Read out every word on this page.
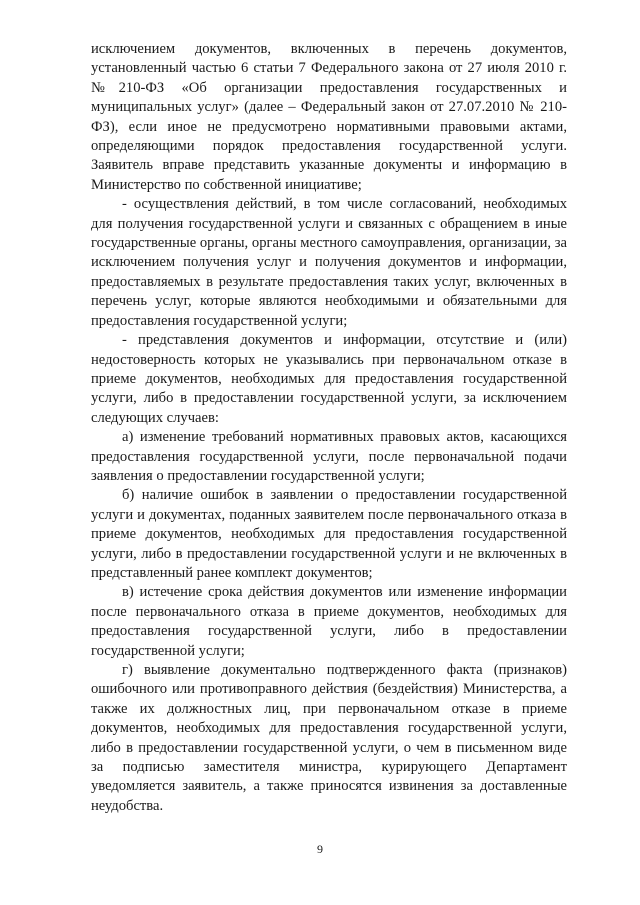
исключением документов, включенных в перечень документов, установленный частью 6 статьи 7 Федерального закона от 27 июля 2010 г. №210-ФЗ «Об организации предоставления государственных и муниципальных услуг» (далее – Федеральный закон от 27.07.2010 № 210-ФЗ), если иное не предусмотрено нормативными правовыми актами, определяющими порядок предоставления государственной услуги. Заявитель вправе представить указанные документы и информацию в Министерство по собственной инициативе;

- осуществления действий, в том числе согласований, необходимых для получения государственной услуги и связанных с обращением в иные государственные органы, органы местного самоуправления, организации, за исключением получения услуг и получения документов и информации, предоставляемых в результате предоставления таких услуг, включенных в перечень услуг, которые являются необходимыми и обязательными для предоставления государственной услуги;

- представления документов и информации, отсутствие и (или) недостоверность которых не указывались при первоначальном отказе в приеме документов, необходимых для предоставления государственной услуги, либо в предоставлении государственной услуги, за исключением следующих случаев:

а) изменение требований нормативных правовых актов, касающихся предоставления государственной услуги, после первоначальной подачи заявления о предоставлении государственной услуги;

б) наличие ошибок в заявлении о предоставлении государственной услуги и документах, поданных заявителем после первоначального отказа в приеме документов, необходимых для предоставления государственной услуги, либо в предоставлении государственной услуги и не включенных в представленный ранее комплект документов;

в) истечение срока действия документов или изменение информации после первоначального отказа в приеме документов, необходимых для предоставления государственной услуги, либо в предоставлении государственной услуги;

г) выявление документально подтвержденного факта (признаков) ошибочного или противоправного действия (бездействия) Министерства, а также их должностных лиц, при первоначальном отказе в приеме документов, необходимых для предоставления государственной услуги, либо в предоставлении государственной услуги, о чем в письменном виде за подписью заместителя министра, курирующего Департамент уведомляется заявитель, а также приносятся извинения за доставленные неудобства.

9
